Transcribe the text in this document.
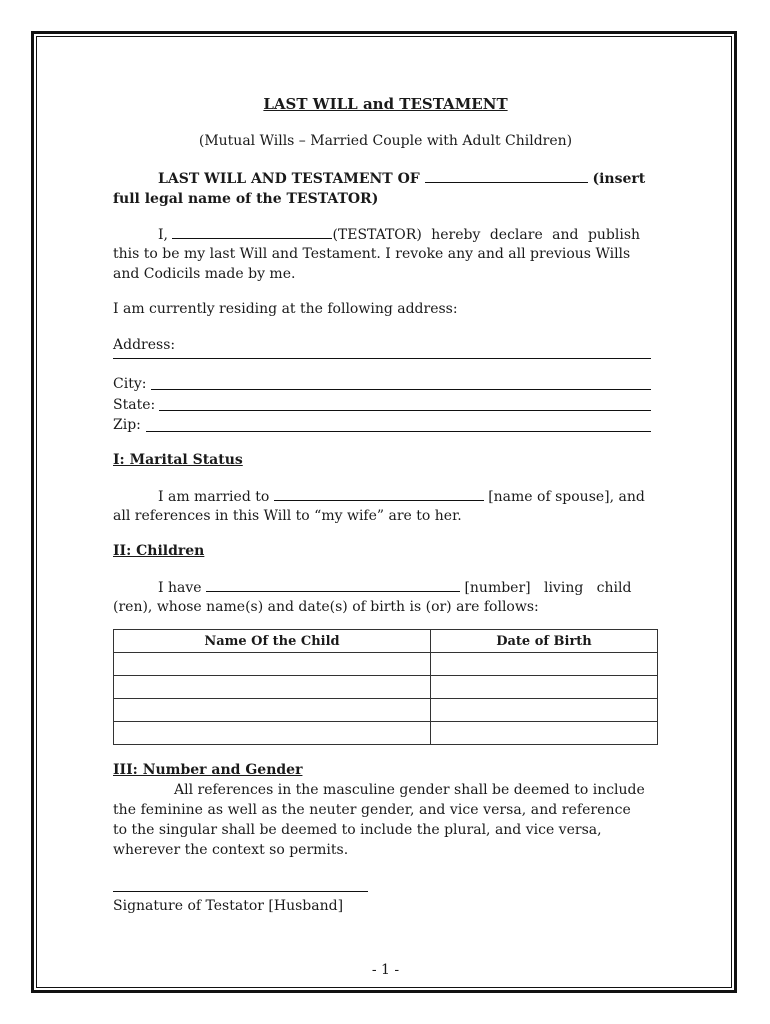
LAST WILL and TESTAMENT
(Mutual Wills – Married Couple with Adult Children)
LAST WILL AND TESTAMENT OF	(insert
full legal name of the TESTATOR)
I,	(TESTATOR) hereby declare and publish
this to be my last Will and Testament. I revoke any and all previous Wills
and Codicils made by me.
I am currently residing at the following address:
Address:
City:
State:
Zip:
I: Marital Status
I am married to	[name of spouse], and
all references in this Will to “my wife” are to her.
II: Children
I have	[number]   living   child
(ren), whose name(s) and date(s) of birth is (or) are follows:
III: Number and Gender
All references in the masculine gender shall be deemed to include
the feminine as well as the neuter gender, and vice versa, and reference
to the singular shall be deemed to include the plural, and vice versa,
wherever the context so permits.
Signature of Testator [Husband]
- 1 -
Name Of the Child	Date of Birth
